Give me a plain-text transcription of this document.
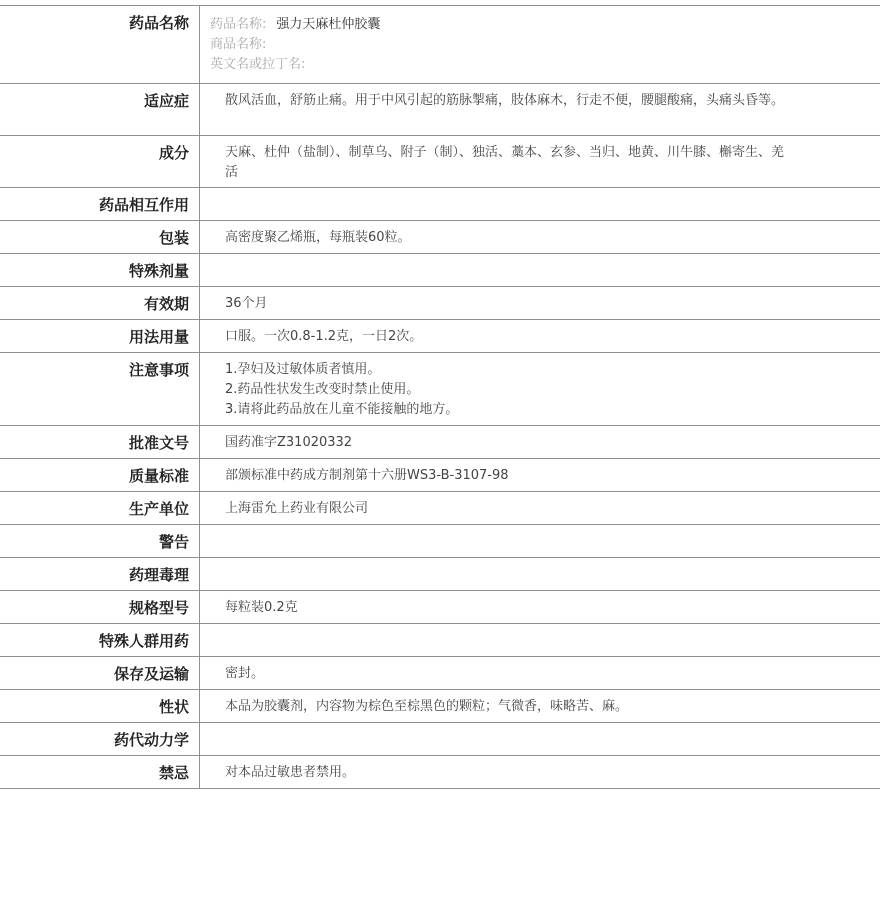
药品名称	药品名称: 强力天麻杜仲胶囊
商品名称:
英文名或拉丁名:
适应症	散风活血，舒筋止痛。用于中风引起的筋脉掣痛，肢体麻木，行走不便，腰腿酸痛，头痛头昏等。
成分	天麻、杜仲（盐制）、制草乌、附子（制）、独活、藁本、玄参、当归、地黄、川牛膝、槲寄生、羌活
药品相互作用
包装	高密度聚乙烯瓶，每瓶装60粒。
特殊剂量
有效期	36个月
用法用量	口服。一次0.8-1.2克，一日2次。
注意事项	1.孕妇及过敏体质者慎用。
2.药品性状发生改变时禁止使用。
3.请将此药品放在儿童不能接触的地方。
批准文号	国药准字Z31020332
质量标准	部颁标准中药成方制剂第十六册WS3-B-3107-98
生产单位	上海雷允上药业有限公司
警告
药理毒理
规格型号	每粒装0.2克
特殊人群用药
保存及运输	密封。
性状	本品为胶囊剂，内容物为棕色至棕黑色的颗粒；气微香，味略苦、麻。
药代动力学
禁忌	对本品过敏患者禁用。
